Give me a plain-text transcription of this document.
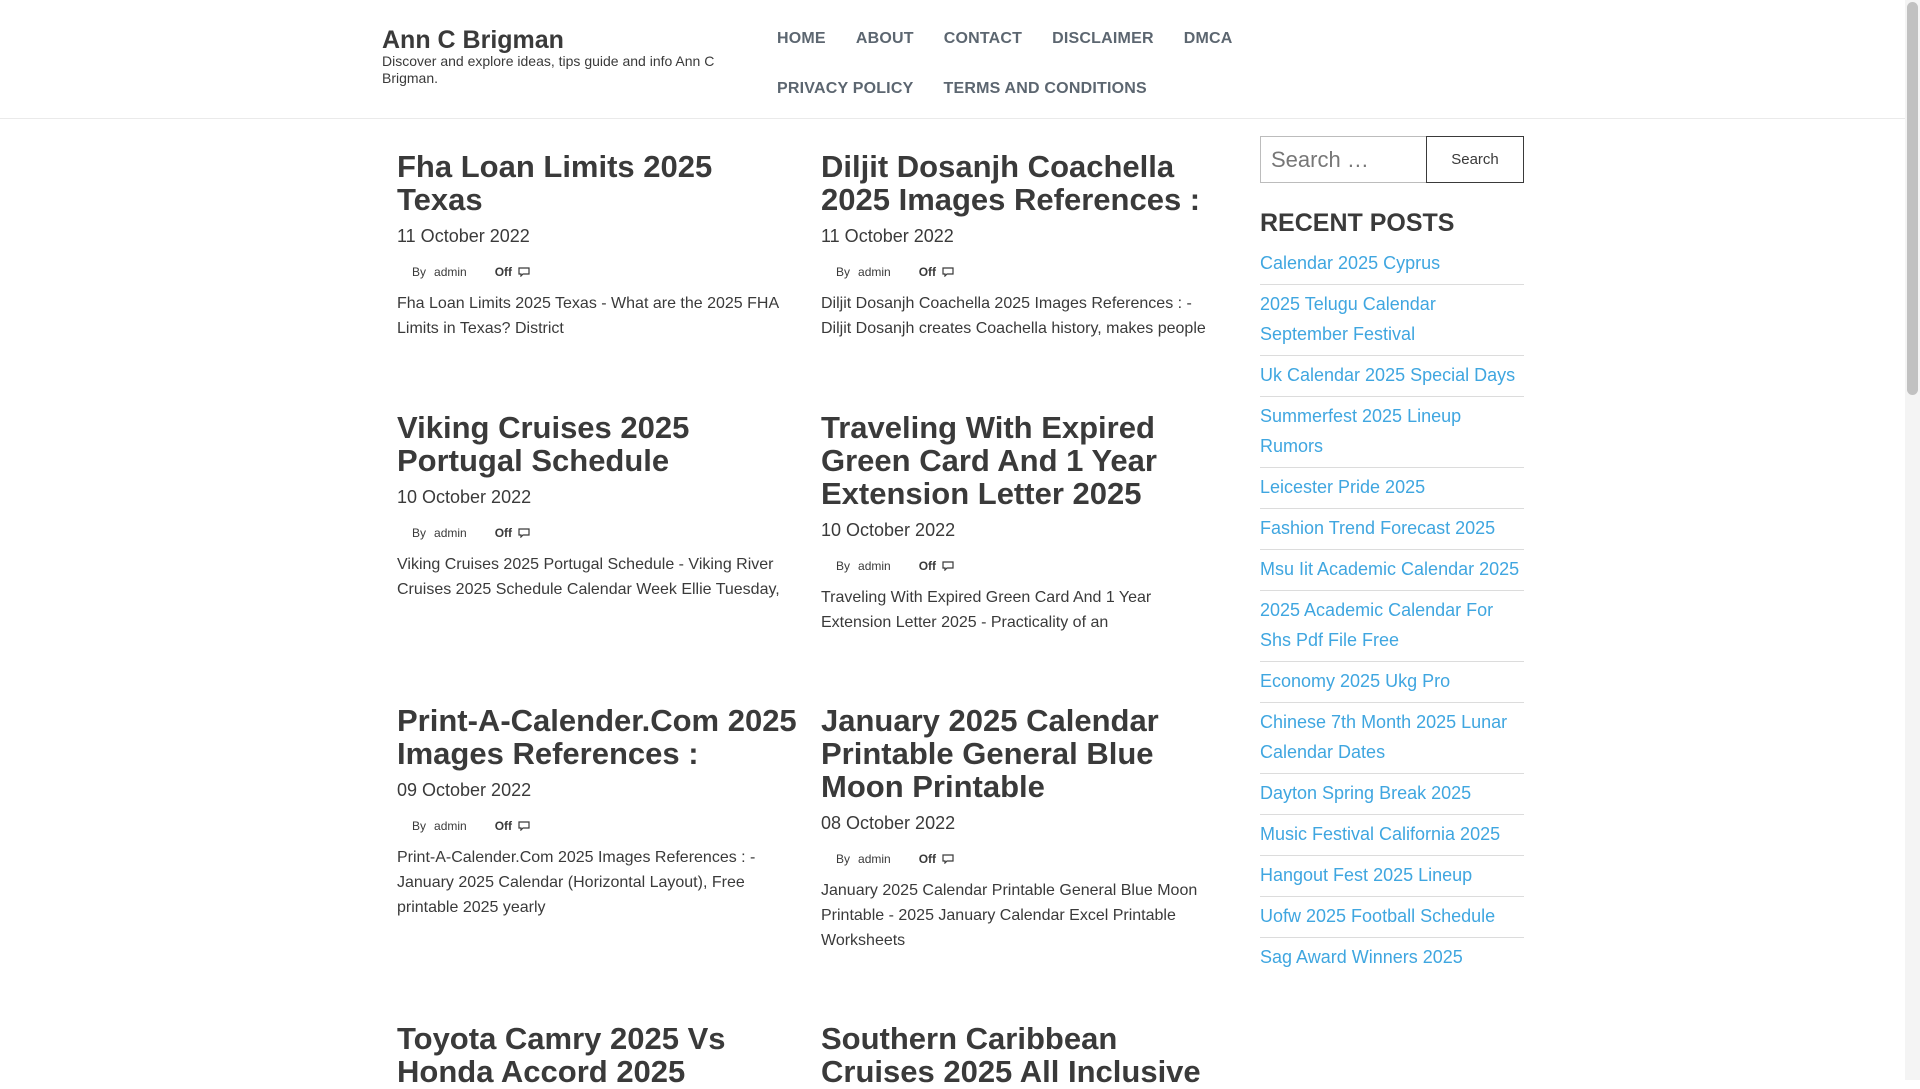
Ann C Brigman
Discover and explore ideas, tips guide and info Ann C Brigman.
HOME ABOUT CONTACT DISCLAIMER DMCAPRIVACY POLICY TERMS AND CONDITIONS
Fha Loan Limits 2025 Texas
11 October 2022
By admin Off
Fha Loan Limits 2025 Texas - What are the 2025 FHA Limits in Texas? District
Diljit Dosanjh Coachella 2025 Images References :
11 October 2022
By admin Off
Diljit Dosanjh Coachella 2025 Images References : - Diljit Dosanjh creates Coachella history, makes people
Viking Cruises 2025 Portugal Schedule
10 October 2022
By admin Off
Viking Cruises 2025 Portugal Schedule - Viking River Cruises 2025 Schedule Calendar Week Ellie Tuesday,
Traveling With Expired Green Card And 1 Year Extension Letter 2025
10 October 2022
By admin Off
Traveling With Expired Green Card And 1 Year Extension Letter 2025 - Practicality of an
Print-A-Calender.Com 2025 Images References :
09 October 2022
By admin Off
Print-A-Calender.Com 2025 Images References : - January 2025 Calendar (Horizontal Layout), Free printable 2025 yearly
January 2025 Calendar Printable General Blue Moon Printable
08 October 2022
By admin Off
January 2025 Calendar Printable General Blue Moon Printable - 2025 January Calendar Excel Printable Worksheets
Toyota Camry 2025 Vs Honda Accord 2025
Southern Caribbean Cruises 2025 All Inclusive
Search …
Search
RECENT POSTS
Calendar 2025 Cyprus
2025 Telugu Calendar September Festival
Uk Calendar 2025 Special Days
Summerfest 2025 Lineup Rumors
Leicester Pride 2025
Fashion Trend Forecast 2025
Msu Iit Academic Calendar 2025
2025 Academic Calendar For Shs Pdf File Free
Economy 2025 Ukg Pro
Chinese 7th Month 2025 Lunar Calendar Dates
Dayton Spring Break 2025
Music Festival California 2025
Hangout Fest 2025 Lineup
Uofw 2025 Football Schedule
Sag Award Winners 2025
